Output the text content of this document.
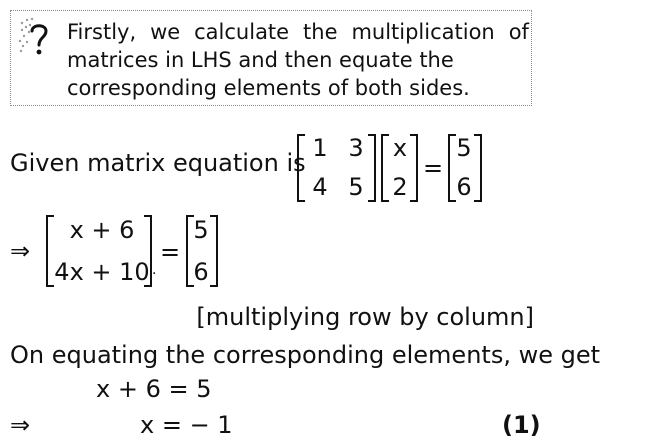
Firstly, we calculate the multiplication of
matrices in LHS and then equate the
corresponding elements of both sides.
Given matrix equation is
1 3
4 5
x
2
=
5
6
⇒
x + 6
4x + 10 .
=
5
6
[multiplying row by column]
On equating the corresponding elements, we get
x + 6 = 5
⇒	x = − 1	(1)
